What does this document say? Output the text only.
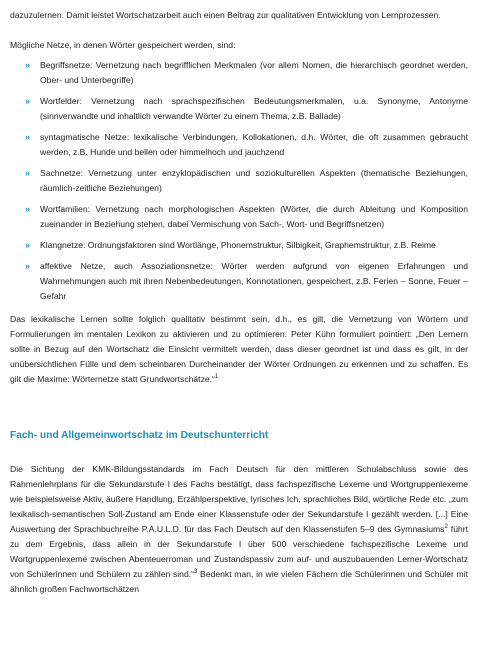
dazuzulernen. Damit leistet Wortschatzarbeit auch einen Beitrag zur qualitativen Entwicklung von Lernprozessen.

Mögliche Netze, in denen Wörter gespeichert werden, sind:

» Begriffsnetze: Vernetzung nach begrifflichen Merkmalen (vor allem Nomen, die hierarchisch geordnet werden, Ober- und Unterbegriffe)
» Wortfelder: Vernetzung nach sprachspezifischen Bedeutungsmerkmalen, u.a. Synonyme, Antonyme (sinnverwandte und inhaltlich verwandte Wörter zu einem Thema, z.B. Ballade)
» syntagmatische Netze: lexikalische Verbindungen, Kollokationen, d.h. Wörter, die oft zusammen gebraucht werden, z.B. Hunde und bellen oder himmelhoch und jauchzend
» Sachnetze: Vernetzung unter enzyklopädischen und soziokulturellen Aspekten (thematische Beziehungen, räumlich-zeitliche Beziehungen)
» Wortfamilien: Vernetzung nach morphologischen Aspekten (Wörter, die durch Ableitung und Komposition zueinander in Beziehung stehen, dabei Vermischung von Sach-, Wort- und Begriffsnetzen)
» Klangnetze: Ordnungsfaktoren sind Wortlänge, Phonemstruktur, Silbigkeit, Graphemstruktur, z.B. Reime
» affektive Netze, auch Assoziationsnetze: Wörter werden aufgrund von eigenen Erfahrungen und Wahrnehmungen auch mit ihren Nebenbedeutungen, Konnotationen, gespeichert, z.B. Ferien – Sonne, Feuer – Gefahr

Das lexikalische Lernen sollte folglich qualitativ bestimmt sein, d.h., es gilt, die Vernetzung von Wörtern und Formulierungen im mentalen Lexikon zu aktivieren und zu optimieren. Peter Kühn formuliert pointiert: „Den Lernern sollte in Bezug auf den Wortschatz die Einsicht vermittelt werden, dass dieser geordnet ist und dass es gilt, in der unübersichtlichen Fülle und dem scheinbaren Durcheinander der Wörter Ordnungen zu erkennen und zu schaffen. Es gilt die Maxime: Wörternetze statt Grundwortschätze.“$^1$

Fach- und Allgemeinwortschatz im Deutschunterricht

Die Sichtung der KMK-Bildungsstandards im Fach Deutsch für den mittleren Schulabschluss sowie des Rahmenlehrplans für die Sekundarstufe I des Fachs bestätigt, dass fachspezifische Lexeme und Wortgruppenlexeme wie beispielsweise Aktiv, äußere Handlung, Erzählperspektive, lyrisches Ich, sprachliches Bild, wörtliche Rede etc. „zum lexikalisch-semantischen Soll-Zustand am Ende einer Klassenstufe oder der Sekundarstufe I gezählt werden. [...] Eine Auswertung der Sprachbuchreihe P.A.U.L.D. für das Fach Deutsch auf den Klassenstufen 5–9 des Gymnasiums$^2$ führt zu dem Ergebnis, dass allein in der Sekundarstufe I über 500 verschiedene fachspezifische Lexeme und Wortgruppenlexeme zwischen Abenteuerroman und Zustandspassiv zum auf- und auszubauenden Lerner-Wortschatz von Schülerinnen und Schülern zu zählen sind.“$^3$ Bedenkt man, in wie vielen Fächern die Schülerinnen und Schüler mit ähnlich großen Fachwortschätzen
